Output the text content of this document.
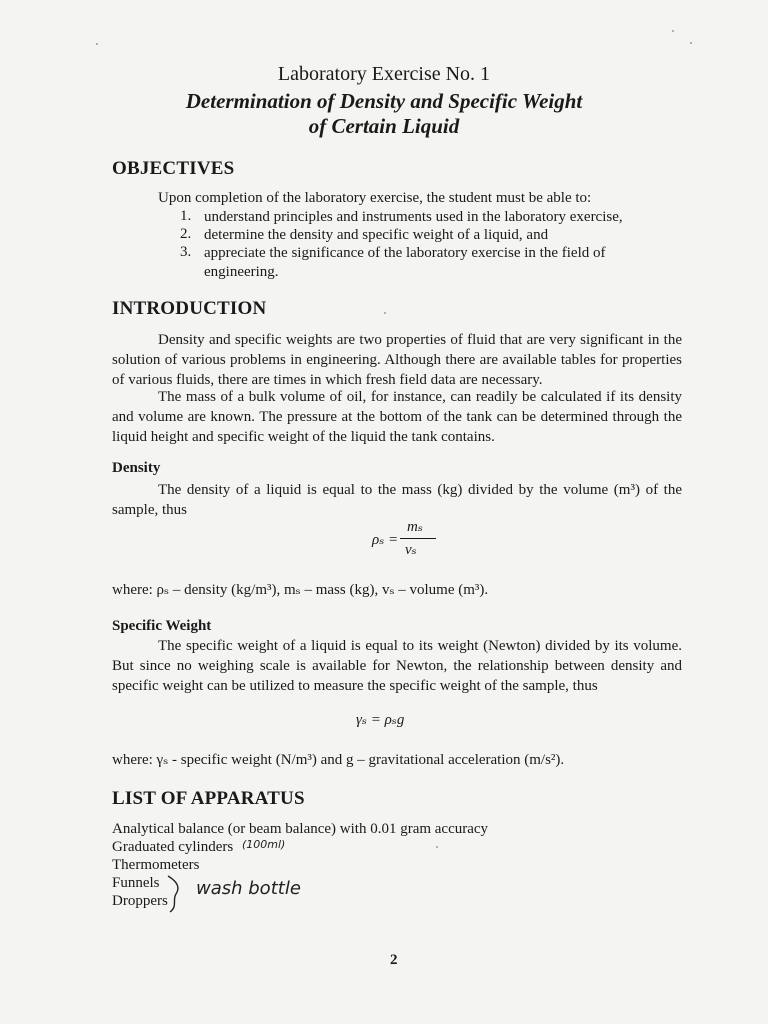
Laboratory Exercise No. 1
Determination of Density and Specific Weight
of Certain Liquid
OBJECTIVES
Upon completion of the laboratory exercise, the student must be able to:
1. understand principles and instruments used in the laboratory exercise,
2. determine the density and specific weight of a liquid, and
3. appreciate the significance of the laboratory exercise in the field of engineering.
INTRODUCTION
Density and specific weights are two properties of fluid that are very significant in the solution of various problems in engineering. Although there are available tables for properties of various fluids, there are times in which fresh field data are necessary.
The mass of a bulk volume of oil, for instance, can readily be calculated if its density and volume are known. The pressure at the bottom of the tank can be determined through the liquid height and specific weight of the liquid the tank contains.
Density
The density of a liquid is equal to the mass (kg) divided by the volume (m³) of the sample, thus
ρₛ =
mₛ
vₛ
where: ρₛ – density (kg/m³), mₛ – mass (kg), vₛ – volume (m³).
Specific Weight
The specific weight of a liquid is equal to its weight (Newton) divided by its volume. But since no weighing scale is available for Newton, the relationship between density and specific weight can be utilized to measure the specific weight of the sample, thus
γₛ = ρₛg
where: γₛ - specific weight (N/m³) and g – gravitational acceleration (m/s²).
LIST OF APPARATUS
Analytical balance (or beam balance) with 0.01 gram accuracy
Graduated cylinders
Thermometers
Funnels
Droppers
(100ml)
wash bottle
2
